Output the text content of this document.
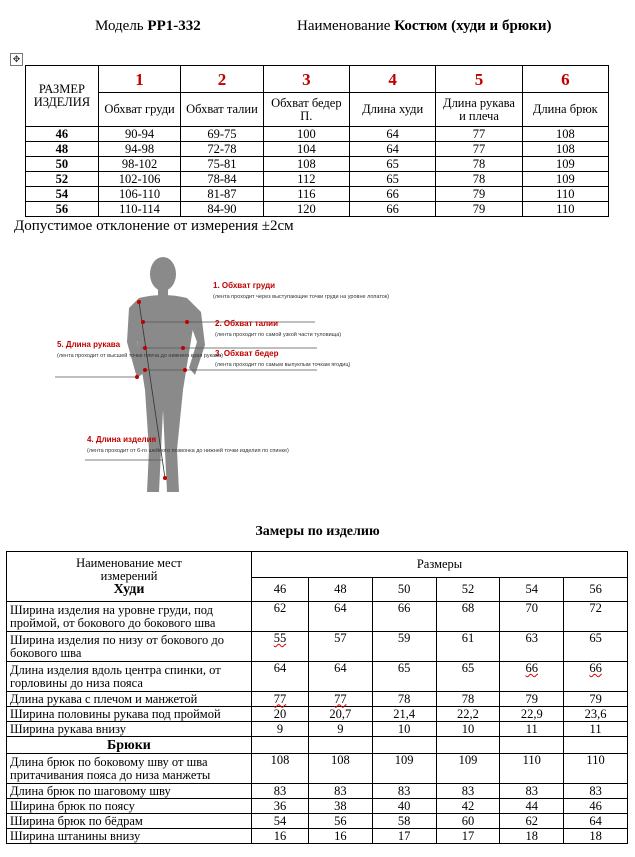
Модель РР1-332	Наименование Костюм (худи и брюки)
✥
РАЗМЕР ИЗДЕЛИЯ	1	2	3	4	5	6
	Обхват груди	Обхват талии	Обхват бедер П.	Длина худи	Длина рукава и плеча	Длина брюк
46	90-94	69-75	100	64	77	108
48	94-98	72-78	104	64	77	108
50	98-102	75-81	108	65	78	109
52	102-106	78-84	112	65	78	109
54	106-110	81-87	116	66	79	110
56	110-114	84-90	120	66	79	110
Допустимое отклонение от измерения ±2см
1. Обхват груди
(лента проходит через выступающие точки груди на уровне лопаток)
2. Обхват талии
(лента проходит по самой узкой части туловища)
3. Обхват бедер
(лента проходит по самым выпуклым точкам ягодиц)
5. Длина рукава
(лента проходит от высшей точки плеча до нижнего края рукава)
4. Длина изделия
(лента проходит от 6-го шейного позвонка до нижней точки изделия по спинке)
Замеры по изделию
Наименование мест измерений
Худи	Размеры					
	46	48	50	52	54	56
Ширина изделия на уровне груди, под проймой, от бокового до бокового шва	62	64	66	68	70	72
Ширина изделия по низу от бокового до бокового шва	55	57	59	61	63	65
Длина изделия вдоль центра спинки, от горловины до низа пояса	64	64	65	65	66	66
Длина рукава с плечом и манжетой	77	77	78	78	79	79
Ширина половины рукава под проймой	20	20,7	21,4	22,2	22,9	23,6
Ширина рукава внизу	9	9	10	10	11	11
Брюки						
Длина брюк по боковому шву от шва притачивания пояса до низа манжеты	108	108	109	109	110	110
Длина брюк по шаговому шву	83	83	83	83	83	83
Ширина брюк по поясу	36	38	40	42	44	46
Ширина брюк по бёдрам	54	56	58	60	62	64
Ширина штанины внизу	16	16	17	17	18	18
